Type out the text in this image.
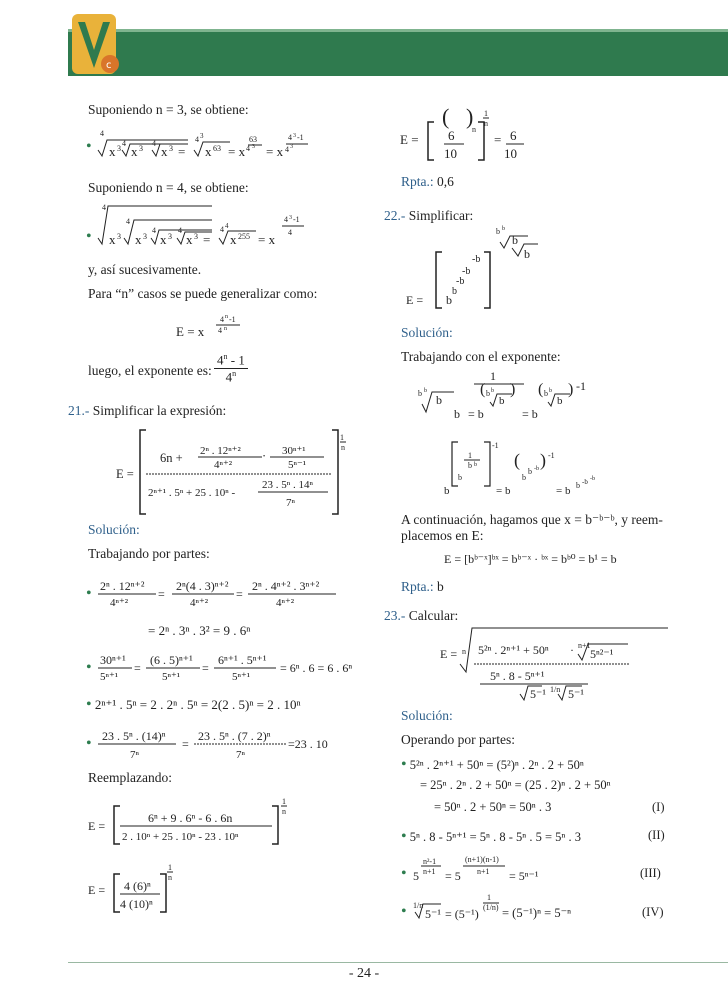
c
Suponiendo n = 3, se obtiene:
•
4
x 3
4
x 3
4
x 3 =
4 3
x 63 = x
63
4 3 = x
4 3 -1
4 3
Suponiendo n = 4, se obtiene:
•
4
x 3
4
x 3
4
x 3
4
x 3 =
4 4
x 255 = x
4 3 -1
4
y, así sucesivamente.
Para “n” casos se puede generalizar como:
E = x
4 n -1
4 n
luego, el exponente es: $\frac{4^n - 1}{4^n}$
21.- Simplificar la expresión:
E =
1
n
6n + 2ⁿ . 12ⁿ⁺²
4ⁿ⁺²
· 30ⁿ⁺¹
5ⁿ⁻¹
2ⁿ⁺¹ . 5ⁿ + 25 . 10ⁿ -
23 . 5ⁿ . 14ⁿ
7ⁿ
Solución:
Trabajando por partes:
• 2ⁿ . 12ⁿ⁺²
4ⁿ⁺²
=
2ⁿ(4 . 3)ⁿ⁺²
4ⁿ⁺²
=
2ⁿ . 4ⁿ⁺² . 3ⁿ⁺²
4ⁿ⁺²
= 2ⁿ . 3ⁿ . 3² = 9 . 6ⁿ
• 30ⁿ⁺¹
5ⁿ⁺¹
=
(6 . 5)ⁿ⁺¹
5ⁿ⁺¹
=
6ⁿ⁺¹ . 5ⁿ⁺¹
5ⁿ⁺¹
= 6ⁿ . 6 = 6 . 6ⁿ
• 2ⁿ⁺¹ . 5ⁿ = 2 . 2ⁿ . 5ⁿ = 2(2 . 5)ⁿ = 2 . 10ⁿ
• 23 . 5ⁿ . (14)ⁿ
7ⁿ
=
23 . 5ⁿ . (7 . 2)ⁿ
7ⁿ
=23 . 10
Reemplazando:
E =
1
n
6ⁿ + 9 . 6ⁿ - 6 . 6n
2 . 10ⁿ + 25 . 10ⁿ - 23 . 10ⁿ
E =
1
n
4 (6)ⁿ
4 (10)ⁿ
E =
(
6
10
)
n
1
n
= 6
10
Rpta.: 0,6
22.- Simplificar:
b b
b
b
E =
-b
-b
-b
b
b
Solución:
Trabajando con el exponente:
1
b b
b
b = b
( b b
b
)
= b
( b b
b
) -1
-1
1
b b
b
b	= b
(
b
b -b ) -1
= b b -b -b
A continuación, hagamos que x = b⁻ᵇ⁻ᵇ, y reem-
placemos en E:
E = [bᵇ⁻ˣ]ᵇˣ = bᵇ⁻ˣ · ᵇˣ = bᵇ⁰ = b¹ = b
Rpta.: b
23.- Calcular:
E = n 5²ⁿ . 2ⁿ⁺¹ + 50ⁿ · n+1
5ⁿ²⁻¹
5ⁿ . 8 - 5ⁿ⁺¹
5⁻¹ 1/n 5⁻¹
Solución:
Operando por partes:
• 5²ⁿ . 2ⁿ⁺¹ + 50ⁿ = (5²)ⁿ . 2ⁿ . 2 + 50ⁿ
= 25ⁿ . 2ⁿ . 2 + 50ⁿ = (25 . 2)ⁿ . 2 + 50ⁿ
= 50ⁿ . 2 + 50ⁿ = 50ⁿ . 3	(I)
• 5ⁿ . 8 - 5ⁿ⁺¹ = 5ⁿ . 8 - 5ⁿ . 5 = 5ⁿ . 3	(II)
• 5
n²-1
n+1 = 5
(n+1)(n-1)
n+1 = 5ⁿ⁻¹	(III)
• 1/n
5⁻¹ = (5⁻¹)
1
(1/n) = (5⁻¹)ⁿ = 5⁻ⁿ	(IV)
- 24 -
